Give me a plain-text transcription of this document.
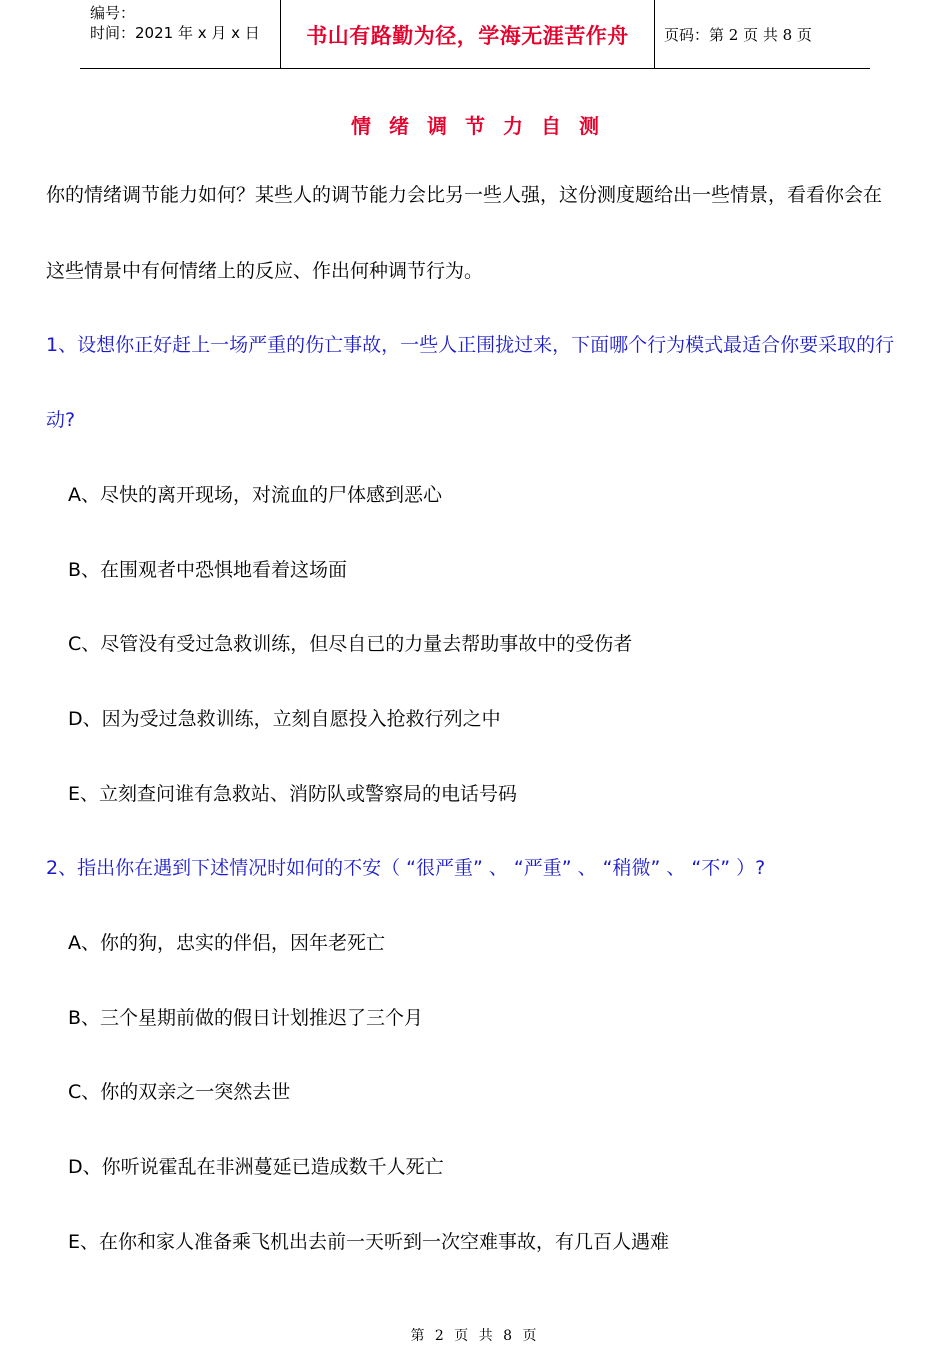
编号：
时间：2021 年 x 月 x 日	书山有路勤为径，学海无涯苦作舟	页码：第 2 页 共 8 页
情绪调节力自测
你的情绪调节能力如何？某些人的调节能力会比另一些人强，这份测度题给出一些情景，看看你会在
这些情景中有何情绪上的反应、作出何种调节行为。
1、设想你正好赶上一场严重的伤亡事故，一些人正围拢过来，下面哪个行为模式最适合你要采取的行
动?
A、尽快的离开现场，对流血的尸体感到恶心
B、在围观者中恐惧地看着这场面
C、尽管没有受过急救训练，但尽自已的力量去帮助事故中的受伤者
D、因为受过急救训练，立刻自愿投入抢救行列之中
E、立刻查问谁有急救站、消防队或警察局的电话号码
2、指出你在遇到下述情况时如何的不安（ “很严重” 、 “严重” 、 “稍微” 、 “不” ）?
A、你的狗，忠实的伴侣，因年老死亡
B、三个星期前做的假日计划推迟了三个月
C、你的双亲之一突然去世
D、你听说霍乱在非洲蔓延已造成数千人死亡
E、在你和家人准备乘飞机出去前一天听到一次空难事故，有几百人遇难
第 2 页 共 8 页
